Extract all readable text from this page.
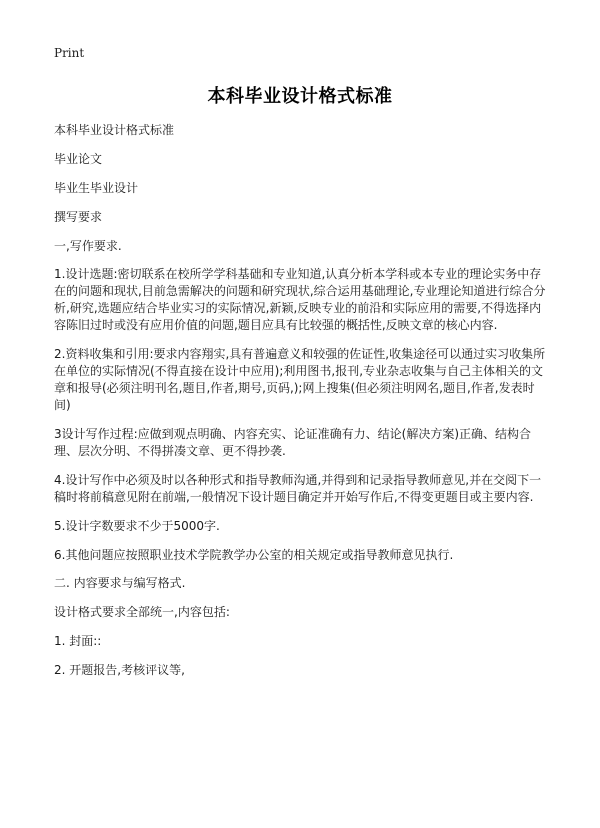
Print
本科毕业设计格式标准

本科毕业设计格式标准

毕业论文

毕业生毕业设计

撰写要求

一,写作要求.

1.设计选题:密切联系在校所学学科基础和专业知道,认真分析本学科或本专业的理论实务中存在的问题和现状,目前急需解决的问题和研究现状,综合运用基础理论,专业理论知道进行综合分析,研究,选题应结合毕业实习的实际情况,新颖,反映专业的前沿和实际应用的需要,不得选择内容陈旧过时或没有应用价值的问题,题目应具有比较强的概括性,反映文章的核心内容.

2.资料收集和引用:要求内容翔实,具有普遍意义和较强的佐证性,收集途径可以通过实习收集所在单位的实际情况(不得直接在设计中应用);利用图书,报刊,专业杂志收集与自己主体相关的文章和报导(必须注明刊名,题目,作者,期号,页码,);网上搜集(但必须注明网名,题目,作者,发表时间)

3设计写作过程:应做到观点明确、内容充实、论证准确有力、结论(解决方案)正确、结构合理、层次分明、不得拼凑文章、更不得抄袭.

4.设计写作中必须及时以各种形式和指导教师沟通,并得到和记录指导教师意见,并在交阅下一稿时将前稿意见附在前端,一般情况下设计题目确定并开始写作后,不得变更题目或主要内容.

5.设计字数要求不少于5000字.

6.其他问题应按照职业技术学院教学办公室的相关规定或指导教师意见执行.

二. 内容要求与编写格式.

设计格式要求全部统一,内容包括:

1. 封面::

2. 开题报告,考核评议等,
